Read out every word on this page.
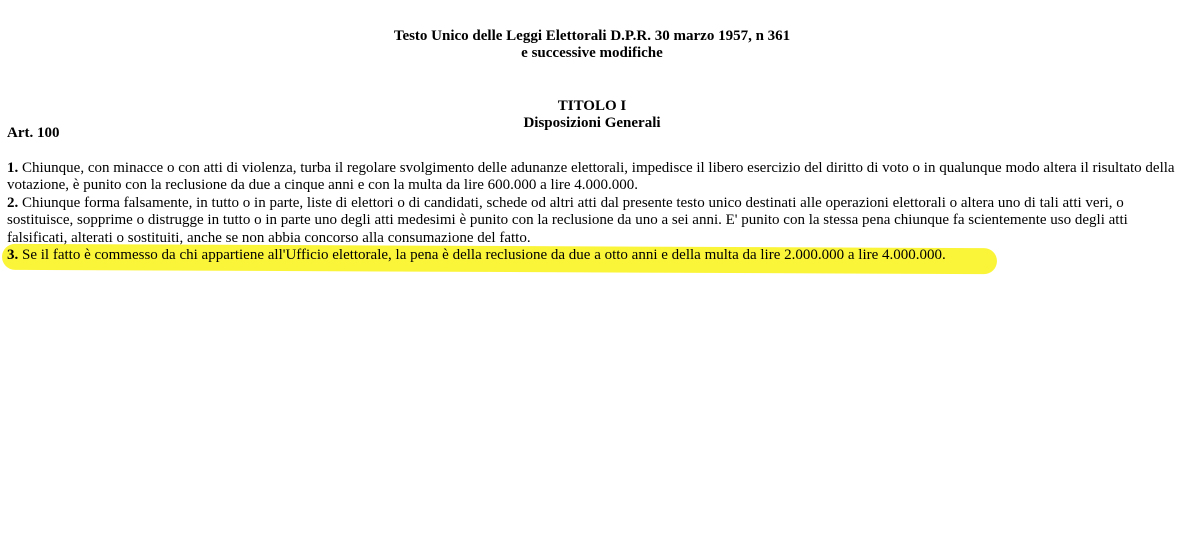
Testo Unico delle Leggi Elettorali D.P.R. 30 marzo 1957, n 361
e successive modifiche
TITOLO I
Disposizioni Generali
Art. 100
1. Chiunque, con minacce o con atti di violenza, turba il regolare svolgimento delle adunanze elettorali, impedisce il libero esercizio del diritto di voto o in qualunque modo altera il risultato della
votazione, è punito con la reclusione da due a cinque anni e con la multa da lire 600.000 a lire 4.000.000.
2. Chiunque forma falsamente, in tutto o in parte, liste di elettori o di candidati, schede od altri atti dal presente testo unico destinati alle operazioni elettorali o altera uno di tali atti veri, o
sostituisce, sopprime o distrugge in tutto o in parte uno degli atti medesimi è punito con la reclusione da uno a sei anni. E' punito con la stessa pena chiunque fa scientemente uso degli atti
falsificati, alterati o sostituiti, anche se non abbia concorso alla consumazione del fatto.
3. Se il fatto è commesso da chi appartiene all'Ufficio elettorale, la pena è della reclusione da due a otto anni e della multa da lire 2.000.000 a lire 4.000.000.
